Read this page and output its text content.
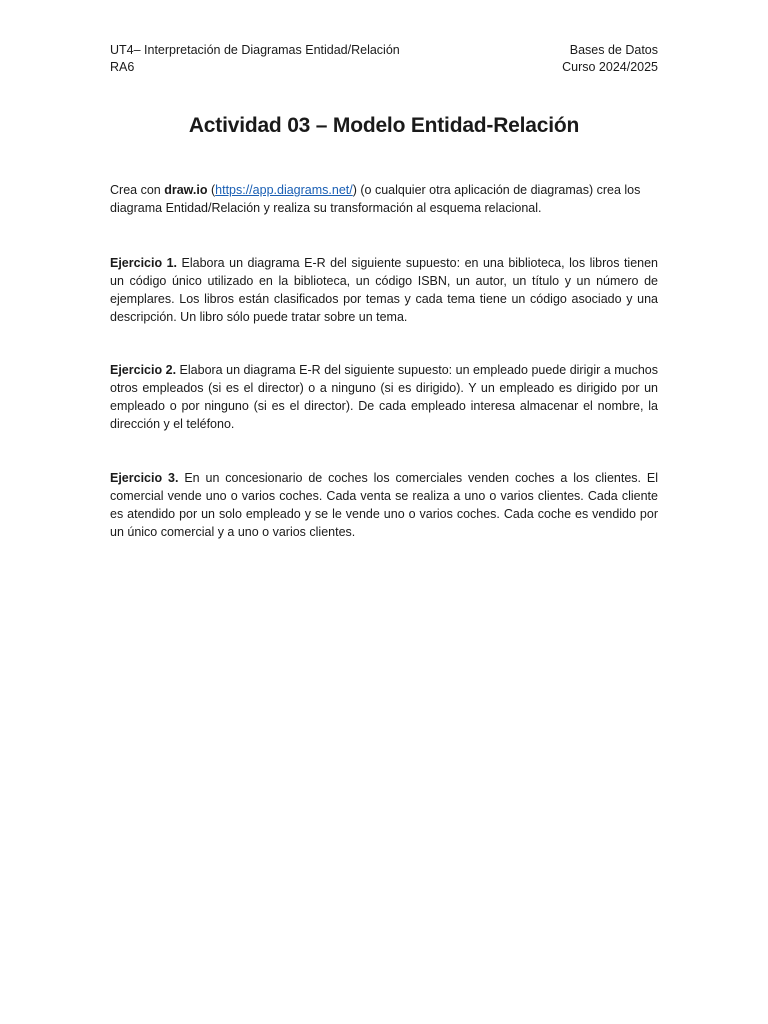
UT4– Interpretación de Diagramas Entidad/Relación	Bases de Datos
RA6	Curso 2024/2025
Actividad 03 – Modelo Entidad-Relación

Crea con draw.io (https://app.diagrams.net/) (o cualquier otra aplicación de diagramas) crea los diagrama Entidad/Relación y realiza su transformación al esquema relacional.

Ejercicio 1. Elabora un diagrama E-R del siguiente supuesto: en una biblioteca, los libros tienen un código único utilizado en la biblioteca, un código ISBN, un autor, un título y un número de ejemplares. Los libros están clasificados por temas y cada tema tiene un código asociado y una descripción. Un libro sólo puede tratar sobre un tema.

Ejercicio 2. Elabora un diagrama E-R del siguiente supuesto: un empleado puede dirigir a muchos otros empleados (si es el director) o a ninguno (si es dirigido). Y un empleado es dirigido por un empleado o por ninguno (si es el director). De cada empleado interesa almacenar el nombre, la dirección y el teléfono.

Ejercicio 3. En un concesionario de coches los comerciales venden coches a los clientes. El comercial vende uno o varios coches. Cada venta se realiza a uno o varios clientes. Cada cliente es atendido por un solo empleado y se le vende uno o varios coches. Cada coche es vendido por un único comercial y a uno o varios clientes.
